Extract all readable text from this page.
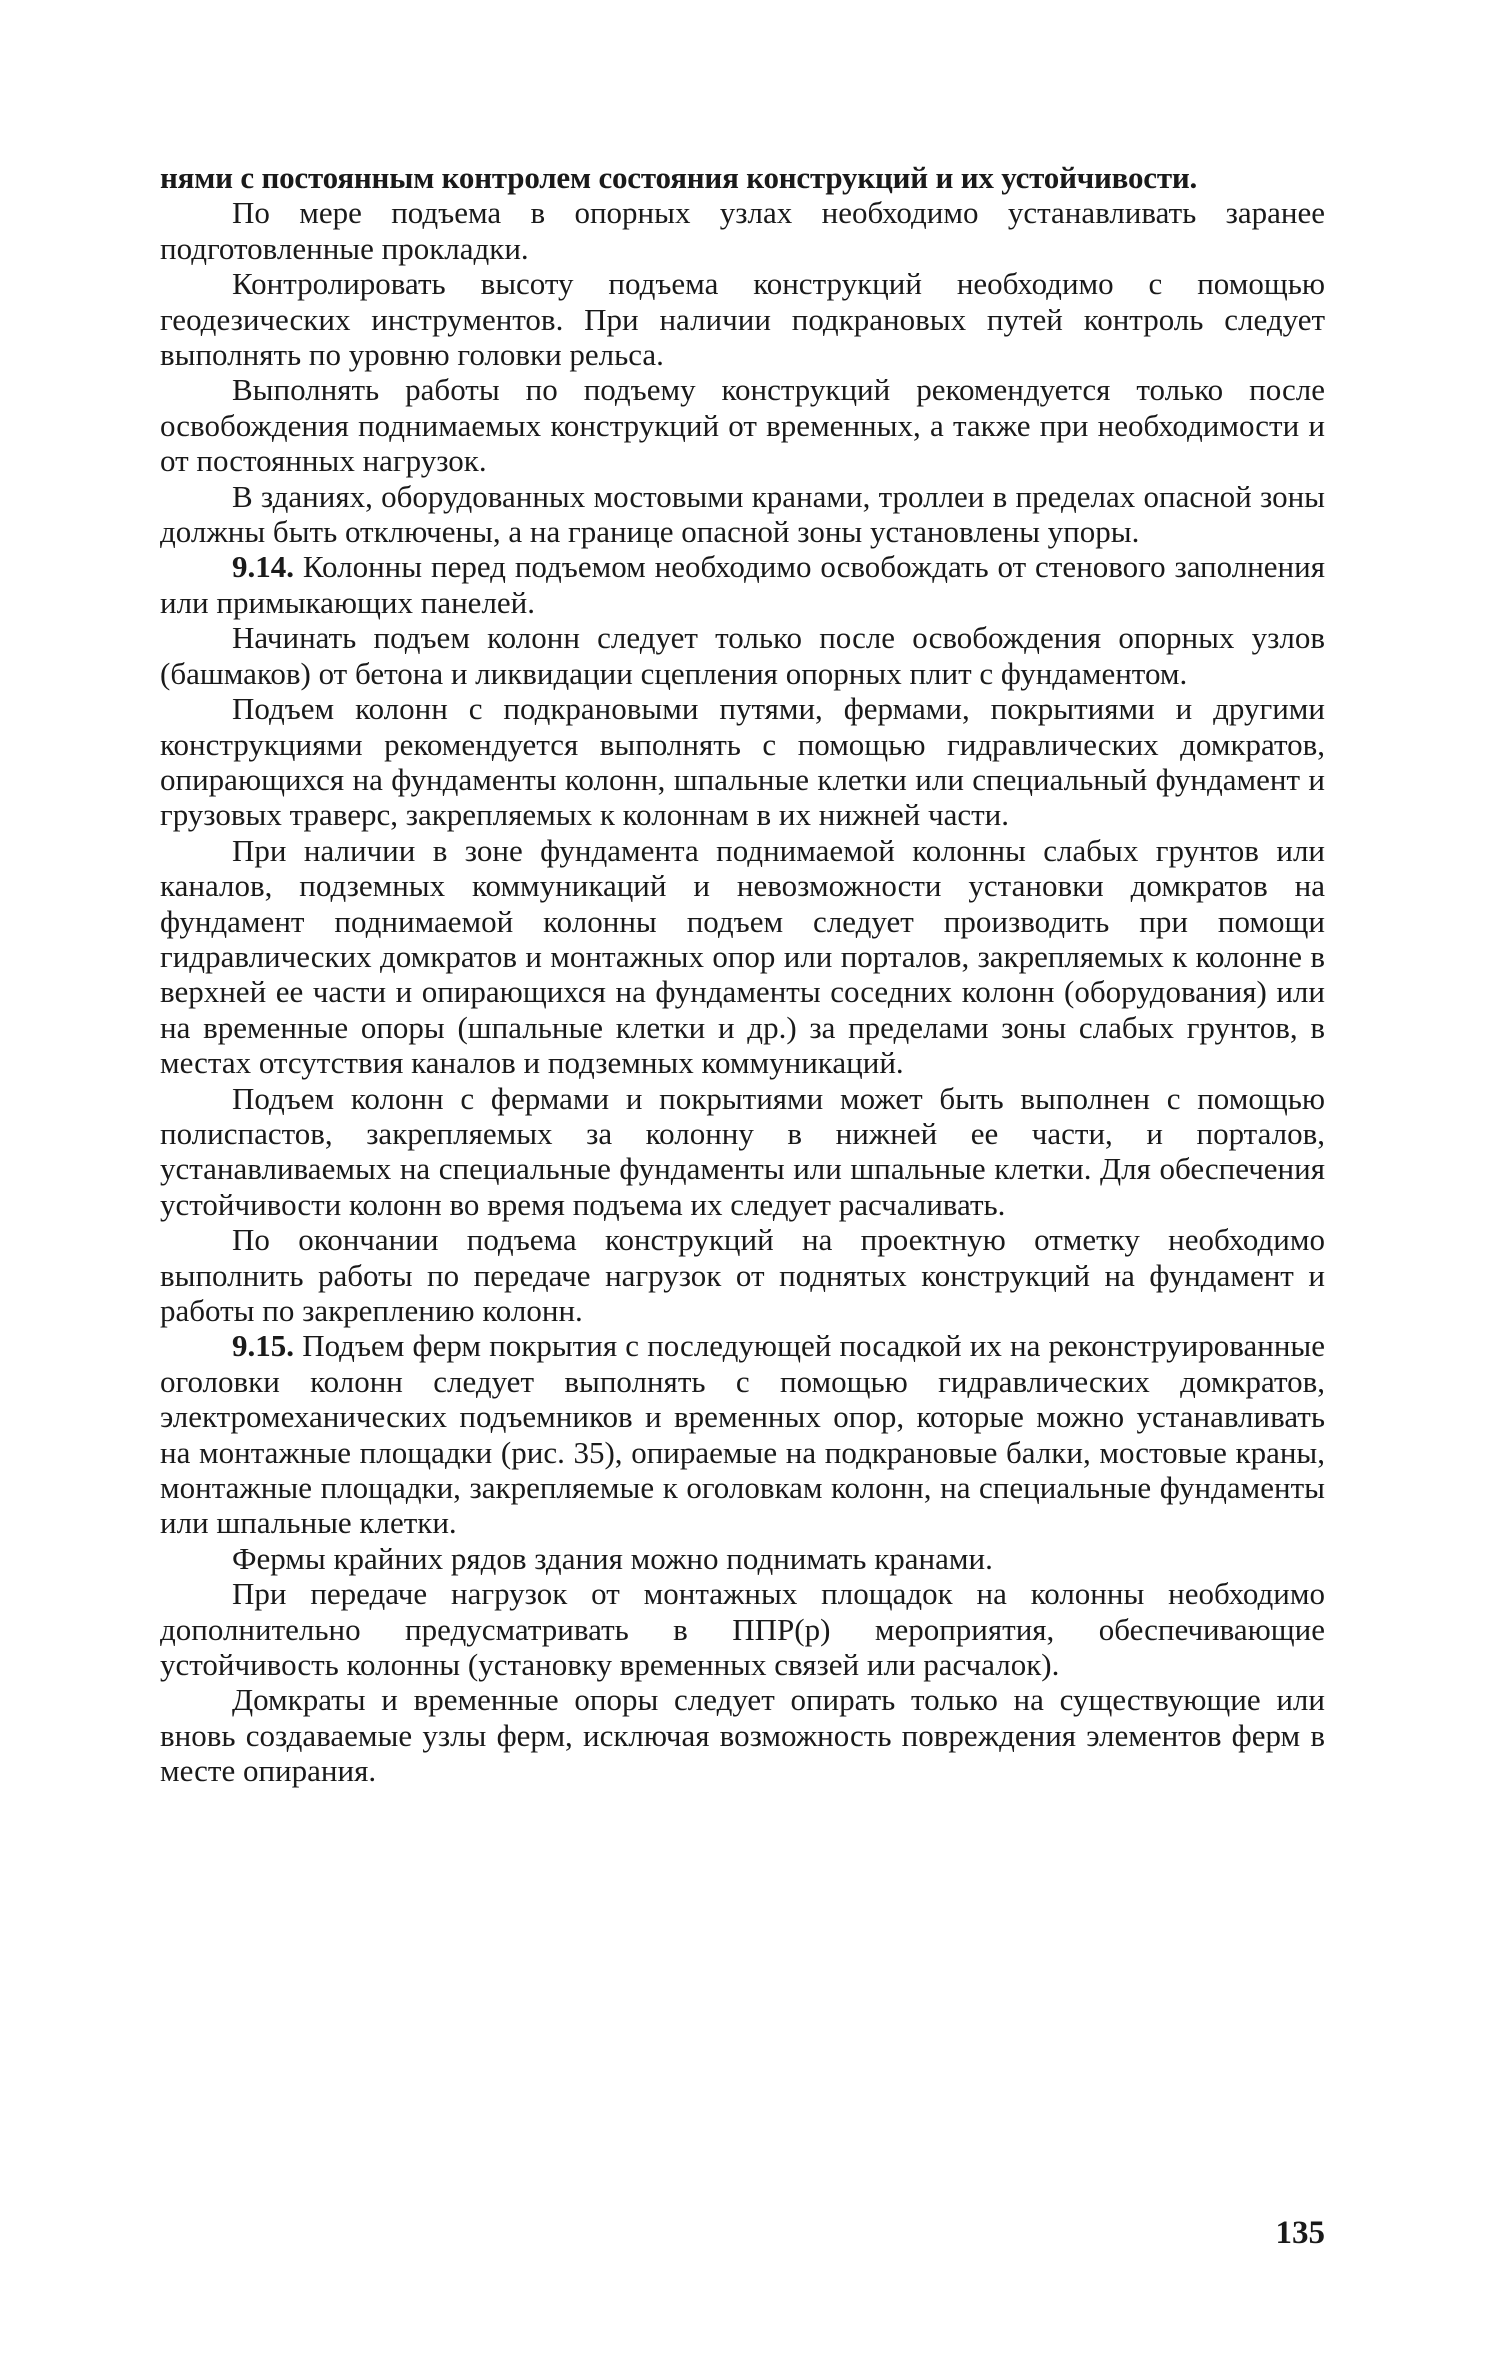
нями с постоянным контролем состояния конструкций и их устойчивости.

По мере подъема в опорных узлах необходимо устанавливать заранее подготовленные прокладки.

Контролировать высоту подъема конструкций необходимо с помощью геодезических инструментов. При наличии подкрановых путей контроль следует выполнять по уровню головки рельса.

Выполнять работы по подъему конструкций рекомендуется только после освобождения поднимаемых конструкций от временных, а также при необходимости и от постоянных нагрузок.

В зданиях, оборудованных мостовыми кранами, троллеи в пределах опасной зоны должны быть отключены, а на границе опасной зоны установлены упоры.

9.14. Колонны перед подъемом необходимо освобождать от стенового заполнения или примыкающих панелей.

Начинать подъем колонн следует только после освобождения опорных узлов (башмаков) от бетона и ликвидации сцепления опорных плит с фундаментом.

Подъем колонн с подкрановыми путями, фермами, покрытиями и другими конструкциями рекомендуется выполнять с помощью гидравлических домкратов, опирающихся на фундаменты колонн, шпальные клетки или специальный фундамент и грузовых траверс, закрепляемых к колоннам в их нижней части.

При наличии в зоне фундамента поднимаемой колонны слабых грунтов или каналов, подземных коммуникаций и невозможности установки домкратов на фундамент поднимаемой колонны подъем следует производить при помощи гидравлических домкратов и монтажных опор или порталов, закрепляемых к колонне в верхней ее части и опирающихся на фундаменты соседних колонн (оборудования) или на временные опоры (шпальные клетки и др.) за пределами зоны слабых грунтов, в местах отсутствия каналов и подземных коммуникаций.

Подъем колонн с фермами и покрытиями может быть выполнен с помощью полиспастов, закрепляемых за колонну в нижней ее части, и порталов, устанавливаемых на специальные фундаменты или шпальные клетки. Для обеспечения устойчивости колонн во время подъема их следует расчаливать.

По окончании подъема конструкций на проектную отметку необходимо выполнить работы по передаче нагрузок от поднятых конструкций на фундамент и работы по закреплению колонн.

9.15. Подъем ферм покрытия с последующей посадкой их на реконструированные оголовки колонн следует выполнять с помощью гидравлических домкратов, электромеханических подъемников и временных опор, которые можно устанавливать на монтажные площадки (рис. 35), опираемые на подкрановые балки, мостовые краны, монтажные площадки, закрепляемые к оголовкам колонн, на специальные фундаменты или шпальные клетки.

Фермы крайних рядов здания можно поднимать кранами.

При передаче нагрузок от монтажных площадок на колонны необходимо дополнительно предусматривать в ППР(р) мероприятия, обеспечивающие устойчивость колонны (установку временных связей или расчалок).

Домкраты и временные опоры следует опирать только на существующие или вновь создаваемые узлы ферм, исключая возможность повреждения элементов ферм в месте опирания.

135
